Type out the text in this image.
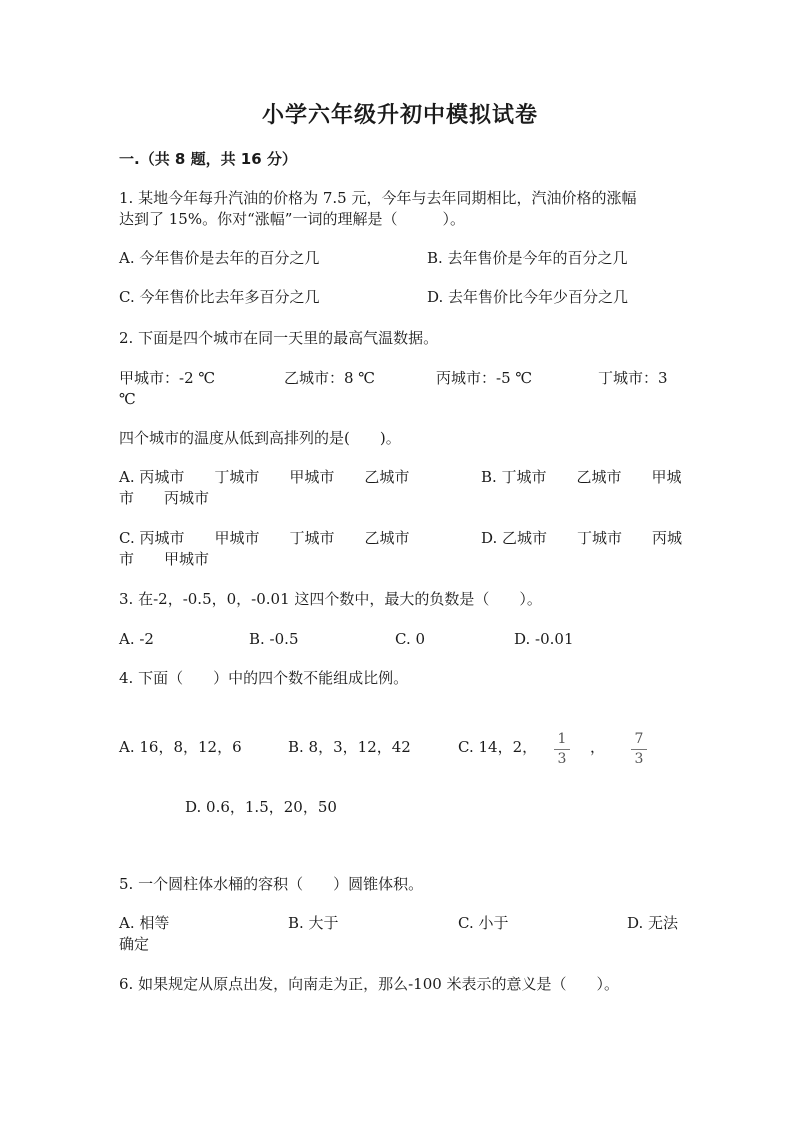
小学六年级升初中模拟试卷
一.（共 8 题，共 16 分）
1. 某地今年每升汽油的价格为 7.5 元，今年与去年同期相比，汽油价格的涨幅
达到了 15%。你对“涨幅”一词的理解是（　　　）。
A. 今年售价是去年的百分之几	B. 去年售价是今年的百分之几
C. 今年售价比去年多百分之几	D. 去年售价比今年少百分之几
2. 下面是四个城市在同一天里的最高气温数据。
甲城市：-2 ℃	乙城市：8 ℃	丙城市：-5 ℃	丁城市：3
℃
四个城市的温度从低到高排列的是(　　)。
A. 丙城市　　丁城市　　甲城市　　乙城市	B. 丁城市　　乙城市　　甲城
市　　丙城市
C. 丙城市　　甲城市　　丁城市　　乙城市	D. 乙城市　　丁城市　　丙城
市　　甲城市
3. 在-2，-0.5，0，-0.01 这四个数中，最大的负数是（　　）。
A. -2	B. -0.5	C. 0	D. -0.01
4. 下面（　　）中的四个数不能组成比例。
A. 16，8，12，6	B. 8，3，12，42	C. 14，2，	1
3
，	7
3
D. 0.6，1.5，20，50
5. 一个圆柱体水桶的容积（　　）圆锥体积。
A. 相等	B. 大于	C. 小于	D. 无法
确定
6. 如果规定从原点出发，向南走为正，那么-100 米表示的意义是（　　）。
